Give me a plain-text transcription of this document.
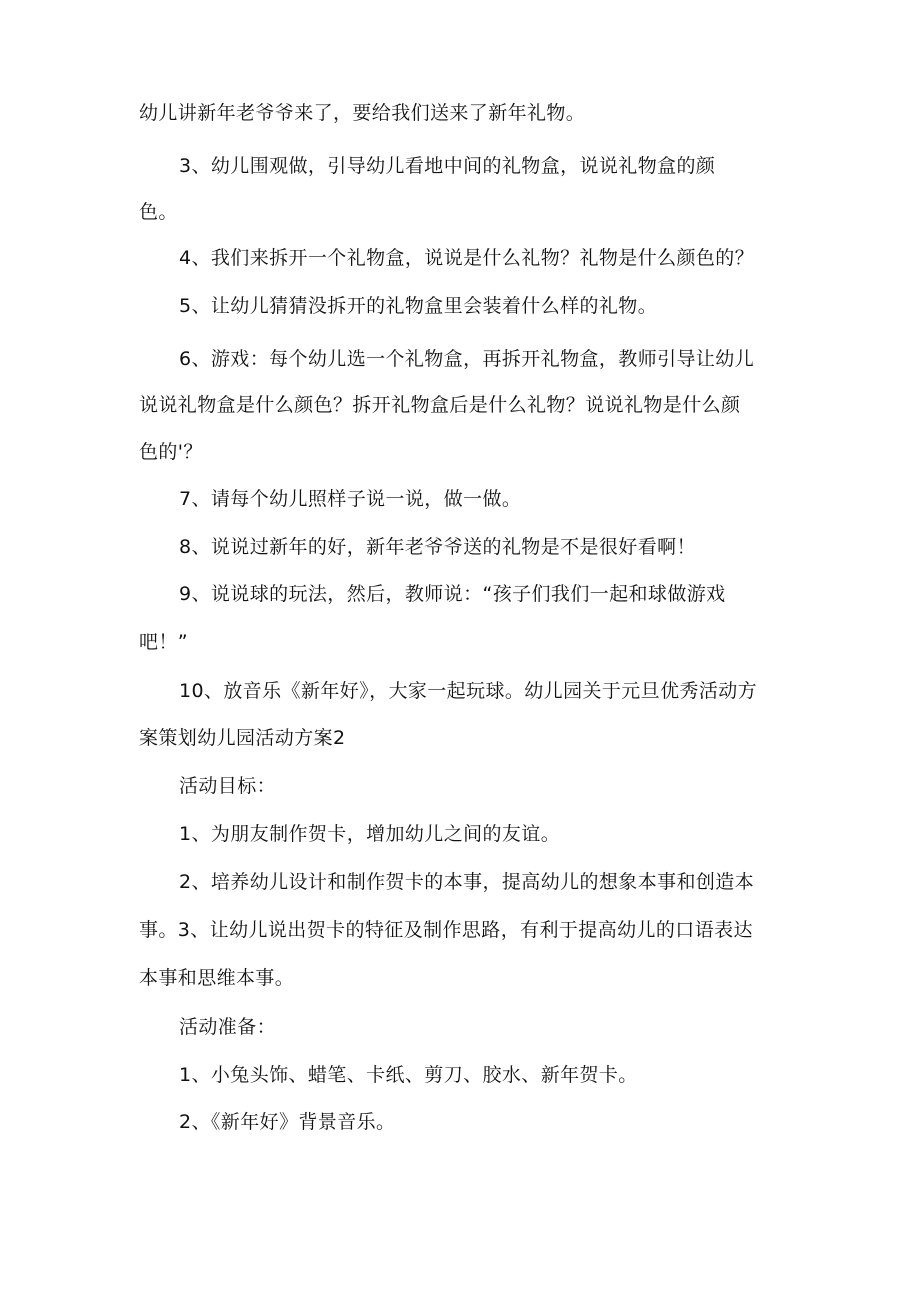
幼儿讲新年老爷爷来了，要给我们送来了新年礼物。
3、幼儿围观做，引导幼儿看地中间的礼物盒，说说礼物盒的颜
色。
4、我们来拆开一个礼物盒，说说是什么礼物？礼物是什么颜色的？
5、让幼儿猜猜没拆开的礼物盒里会装着什么样的礼物。
6、游戏：每个幼儿选一个礼物盒，再拆开礼物盒，教师引导让幼儿
说说礼物盒是什么颜色？拆开礼物盒后是什么礼物？说说礼物是什么颜
色的'？
7、请每个幼儿照样子说一说，做一做。
8、说说过新年的好，新年老爷爷送的礼物是不是很好看啊！
9、说说球的玩法，然后，教师说：“孩子们我们一起和球做游戏
吧！”
10、放音乐《新年好》，大家一起玩球。幼儿园关于元旦优秀活动方
案策划幼儿园活动方案2
活动目标：
1、为朋友制作贺卡，增加幼儿之间的友谊。
2、培养幼儿设计和制作贺卡的本事，提高幼儿的想象本事和创造本
事。3、让幼儿说出贺卡的特征及制作思路，有利于提高幼儿的口语表达
本事和思维本事。
活动准备：
1、小兔头饰、蜡笔、卡纸、剪刀、胶水、新年贺卡。
2、《新年好》背景音乐。
